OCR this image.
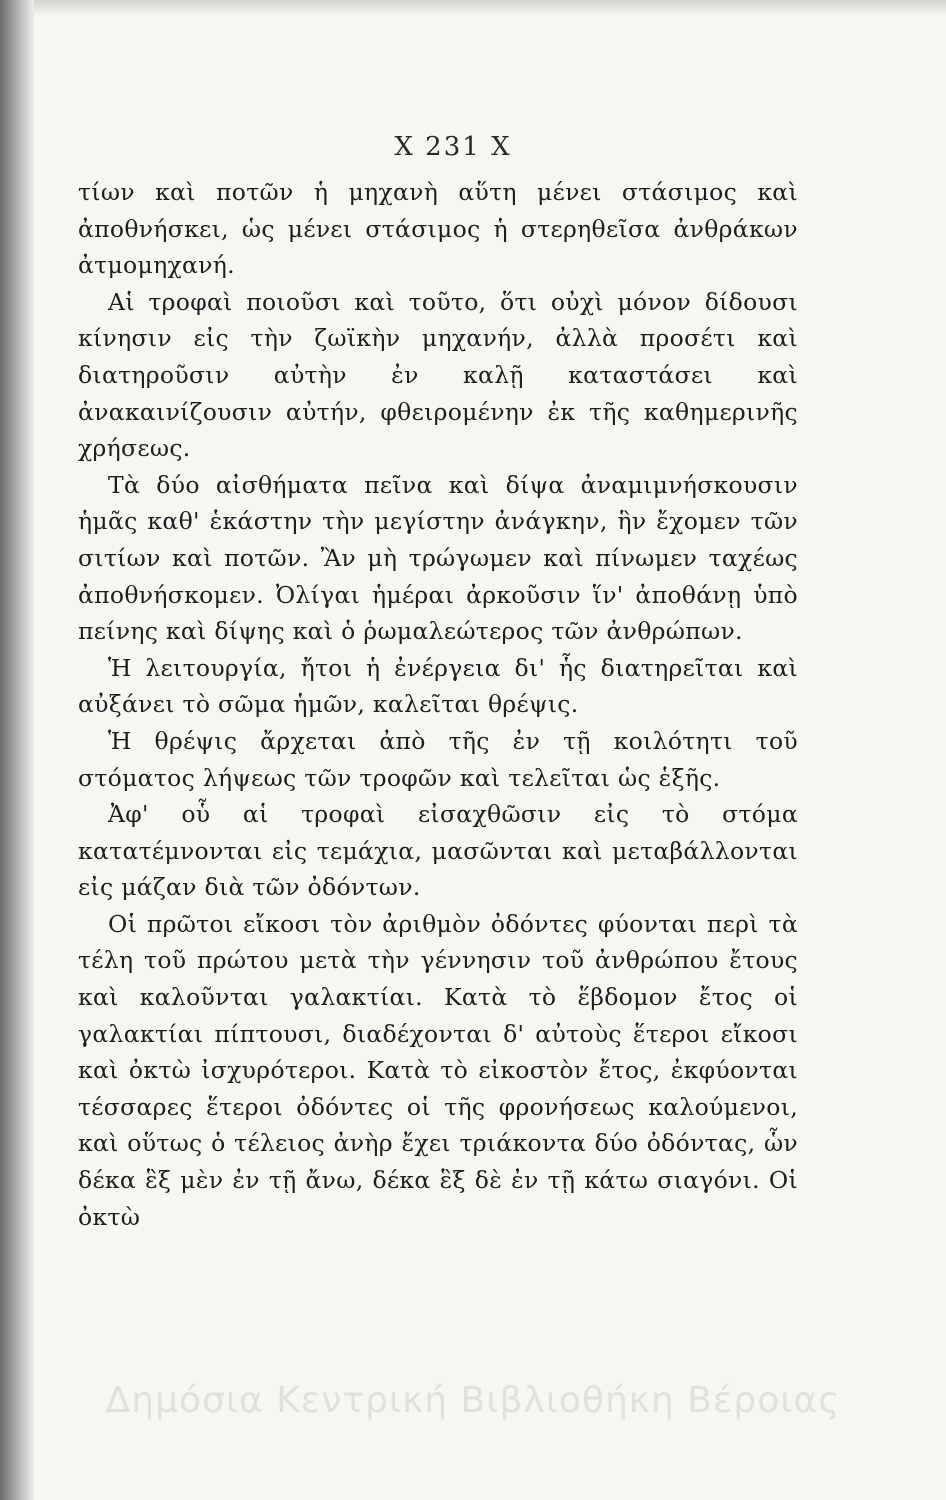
Χ 231 Χ

τίων καὶ ποτῶν ἡ μηχανὴ αὕτη μένει στάσιμος καὶ ἀποθνήσκει, ὡς μένει στάσιμος ἡ στερηθεῖσα ἀνθράκων ἀτμομηχανή.

Αἱ τροφαὶ ποιοῦσι καὶ τοῦτο, ὅτι οὐχὶ μόνον δίδουσι κίνησιν εἰς τὴν ζωϊκὴν μηχανήν, ἀλλὰ προσέτι καὶ διατηροῦσιν αὐτὴν ἐν καλῇ καταστάσει καὶ ἀνακαινίζουσιν αὐτήν, φθειρομένην ἐκ τῆς καθημερινῆς χρήσεως.

Τὰ δύο αἰσθήματα πεῖνα καὶ δίψα ἀναμιμνήσκουσιν ἡμᾶς καθ' ἑκάστην τὴν μεγίστην ἀνάγκην, ἣν ἔχομεν τῶν σιτίων καὶ ποτῶν. Ἂν μὴ τρώγωμεν καὶ πίνωμεν ταχέως ἀποθνήσκομεν. Ὀλίγαι ἡμέραι ἀρκοῦσιν ἵν' ἀποθάνῃ ὑπὸ πείνης καὶ δίψης καὶ ὁ ῥωμαλεώτερος τῶν ἀνθρώπων.

Ἡ λειτουργία, ἤτοι ἡ ἐνέργεια δι' ἧς διατηρεῖται καὶ αὐξάνει τὸ σῶμα ἡμῶν, καλεῖται θρέψις.

Ἡ θρέψις ἄρχεται ἀπὸ τῆς ἐν τῇ κοιλότητι τοῦ στόματος λήψεως τῶν τροφῶν καὶ τελεῖται ὡς ἑξῆς.

Ἀφ' οὗ αἱ τροφαὶ εἰσαχθῶσιν εἰς τὸ στόμα κατατέμνονται εἰς τεμάχια, μασῶνται καὶ μεταβάλλονται εἰς μάζαν διὰ τῶν ὀδόντων.

Οἱ πρῶτοι εἴκοσι τὸν ἀριθμὸν ὀδόντες φύονται περὶ τὰ τέλη τοῦ πρώτου μετὰ τὴν γέννησιν τοῦ ἀνθρώπου ἔτους καὶ καλοῦνται γαλακτίαι. Κατὰ τὸ ἕβδομον ἔτος οἱ γαλακτίαι πίπτουσι, διαδέχονται δ' αὐτοὺς ἕτεροι εἴκοσι καὶ ὀκτὼ ἰσχυρότεροι. Κατὰ τὸ εἰκοστὸν ἔτος, ἐκφύονται τέσσαρες ἕτεροι ὀδόντες οἱ τῆς φρονήσεως καλούμενοι, καὶ οὕτως ὁ τέλειος ἀνὴρ ἔχει τριάκοντα δύο ὀδόντας, ὧν δέκα ἓξ μὲν ἐν τῇ ἄνω, δέκα ἓξ δὲ ἐν τῇ κάτω σιαγόνι. Οἱ ὀκτὼ

Δημόσια Κεντρική Βιβλιοθήκη Βέροιας
